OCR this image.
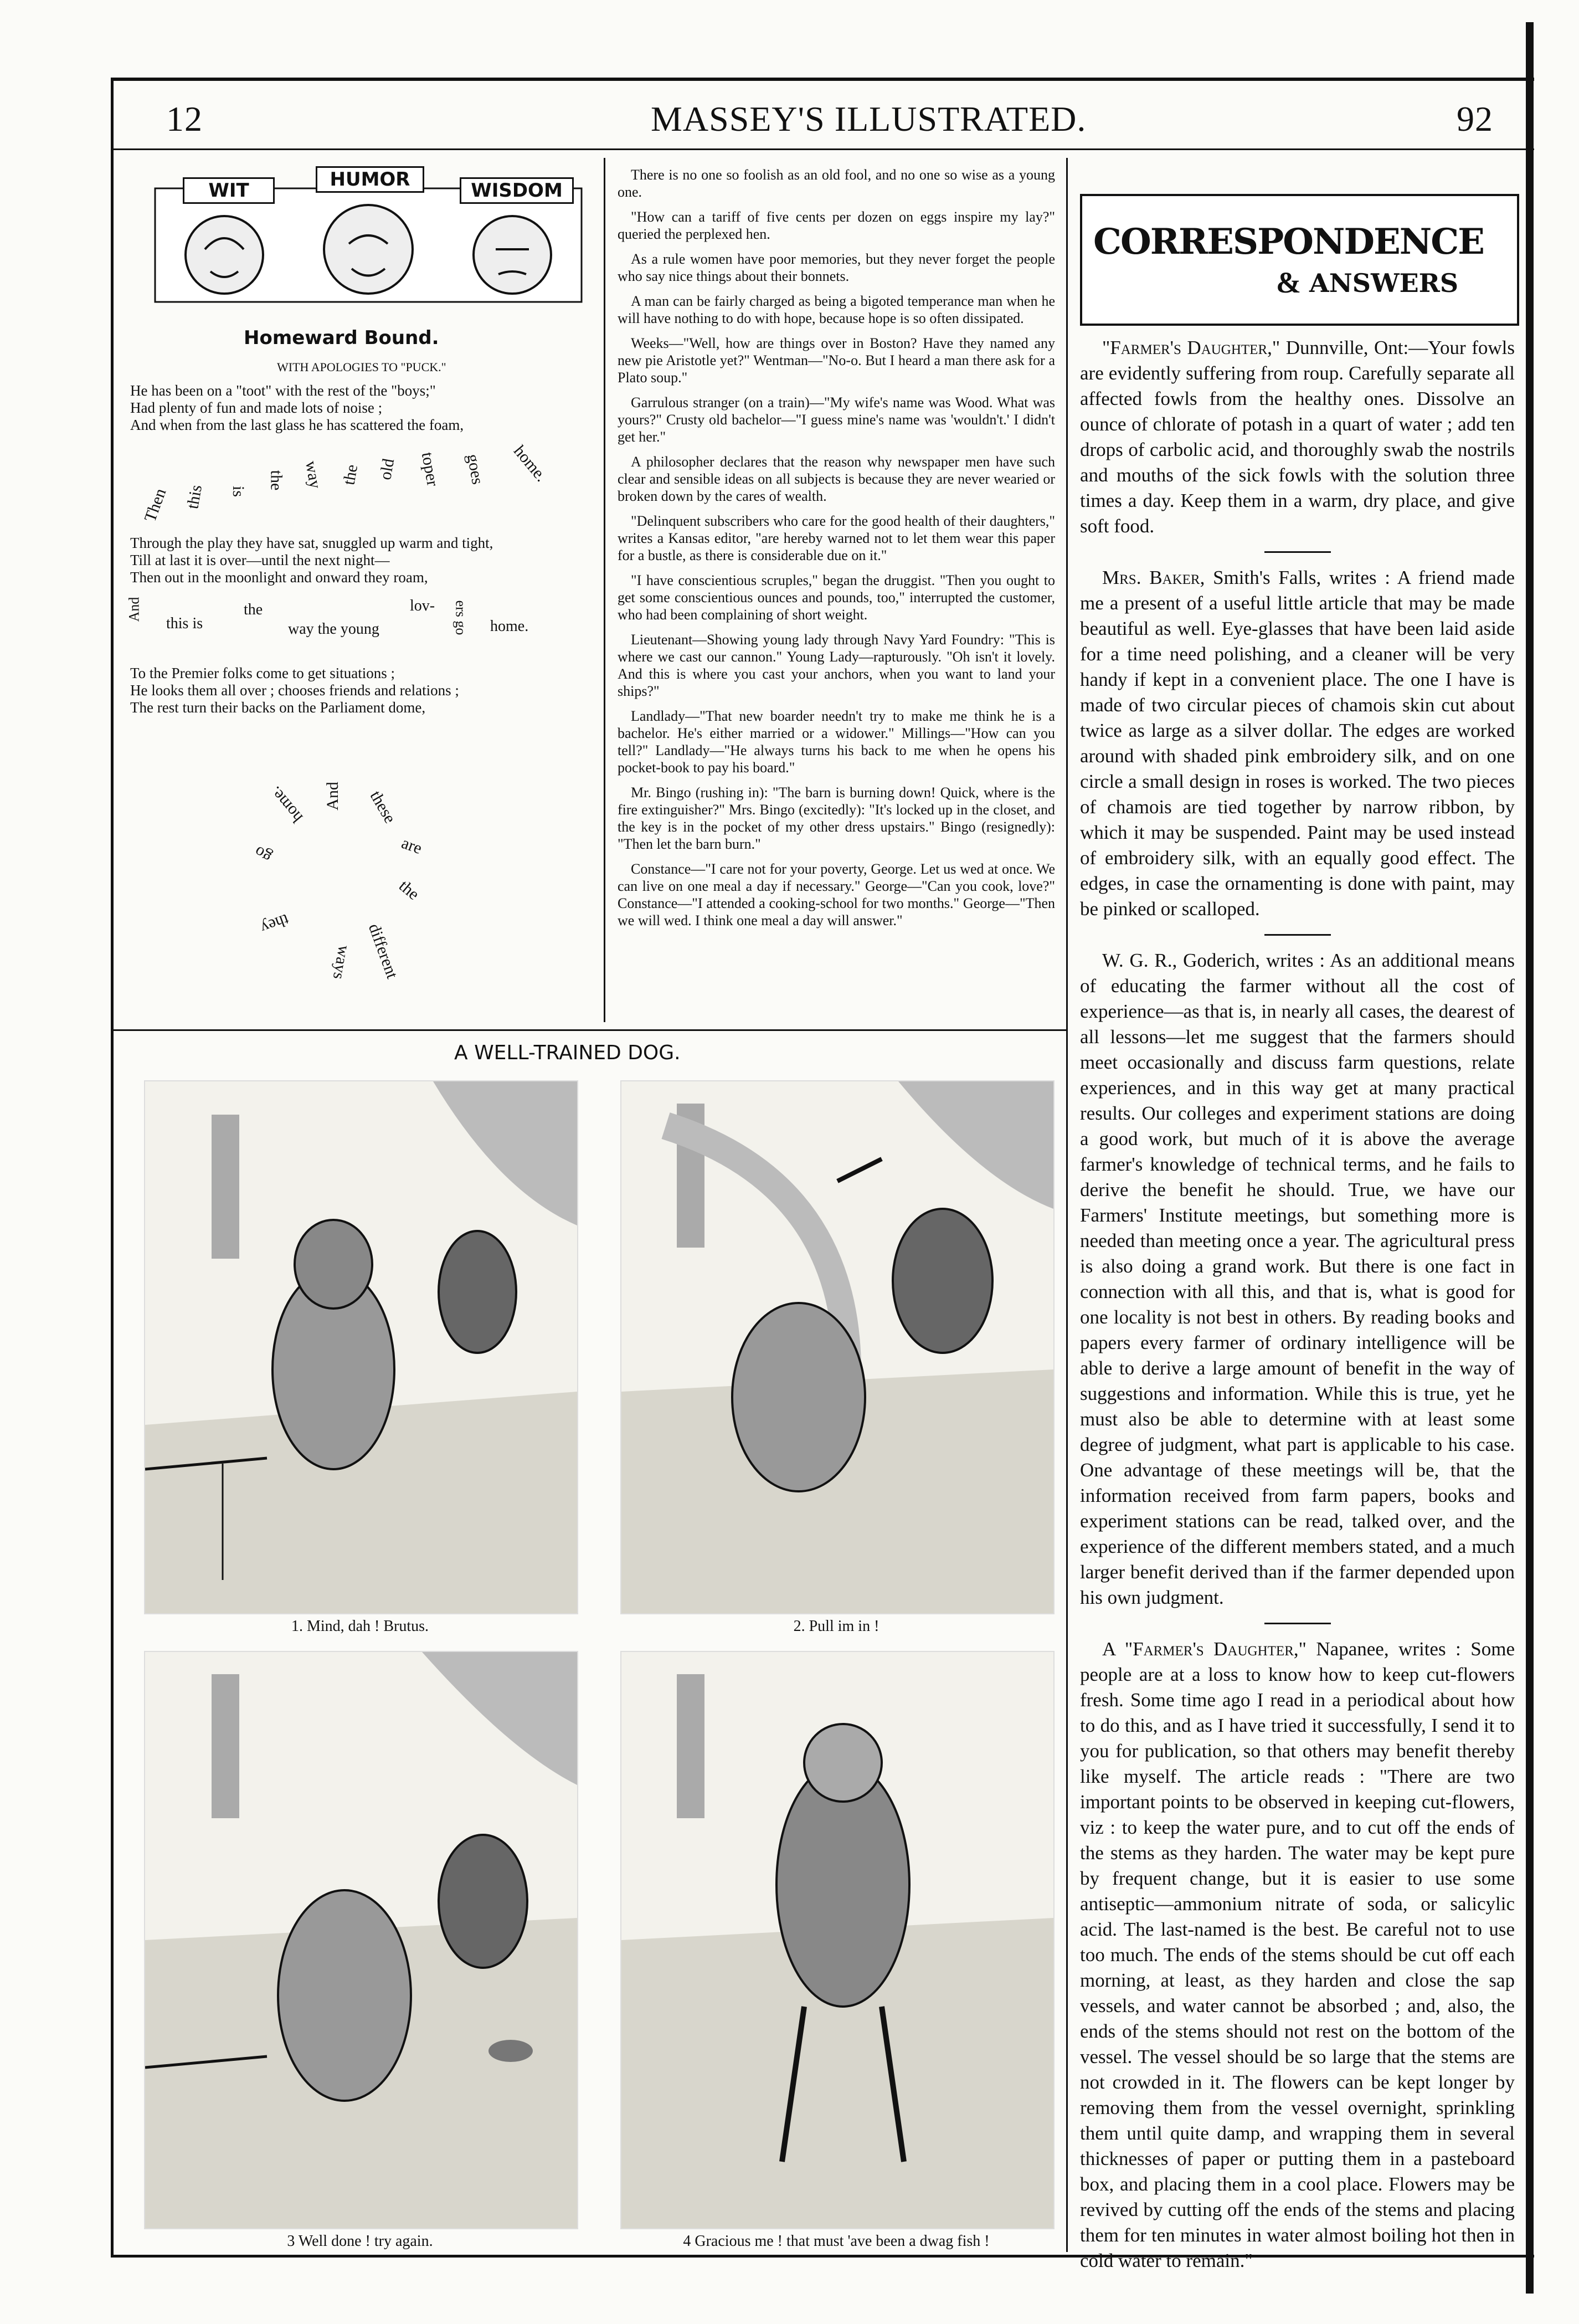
12	MASSEY'S ILLUSTRATED.	92
WIT	HUMOR	WISDOM
Homeward Bound.
WITH APOLOGIES TO "PUCK."
He has been on a "toot" with the rest of the "boys;"
Had plenty of fun and made lots of noise ;
And when from the last glass he has scattered the foam,
Then this is
the way the old toper goes home.
Through the play they have sat, snuggled up warm and tight,
Till at last it is over—until the next night—
Then out in the moonlight and onward they roam,
And
this is
the
way the young
lov- ers go home.
To the Premier folks come to get situations ;
He looks them all over ; chooses friends and relations ;
The rest turn their backs on the Parliament dome,
And these
are
the
different
ways
they
go
home.

There is no one so foolish as an old fool, and no one so wise as a young one.

"How can a tariff of five cents per dozen on eggs inspire my lay?" queried the perplexed hen.

As a rule women have poor memories, but they never forget the people who say nice things about their bonnets.

A man can be fairly charged as being a bigoted temperance man when he will have nothing to do with hope, because hope is so often dissipated.

Weeks—"Well, how are things over in Boston? Have they named any new pie Aristotle yet?" Wentman—"No-o. But I heard a man there ask for a Plato soup."

Garrulous stranger (on a train)—"My wife's name was Wood. What was yours?" Crusty old bachelor—"I guess mine's name was 'wouldn't.' I didn't get her."

A philosopher declares that the reason why newspaper men have such clear and sensible ideas on all subjects is because they are never wearied or broken down by the cares of wealth.

"Delinquent subscribers who care for the good health of their daughters," writes a Kansas editor, "are hereby warned not to let them wear this paper for a bustle, as there is considerable due on it."

"I have conscientious scruples," began the druggist. "Then you ought to get some conscientious ounces and pounds, too," interrupted the customer, who had been complaining of short weight.

Lieutenant—Showing young lady through Navy Yard Foundry: "This is where we cast our cannon." Young Lady—rapturously. "Oh isn't it lovely. And this is where you cast your anchors, when you want to land your ships?"

Landlady—"That new boarder needn't try to make me think he is a bachelor. He's either married or a widower." Millings—"How can you tell?" Landlady—"He always turns his back to me when he opens his pocket-book to pay his board."

Mr. Bingo (rushing in): "The barn is burning down! Quick, where is the fire extinguisher?" Mrs. Bingo (excitedly): "It's locked up in the closet, and the key is in the pocket of my other dress upstairs." Bingo (resignedly): "Then let the barn burn."

Constance—"I care not for your poverty, George. Let us wed at once. We can live on one meal a day if necessary." George—"Can you cook, love?" Constance—"I attended a cooking-school for two months." George—"Then we will wed. I think one meal a day will answer."

A WELL-TRAINED DOG.
1. Mind, dah ! Brutus.	2. Pull im in !
3 Well done ! try again.	4 Gracious me ! that must 'ave been a dwag fish !
CORRESPONDENCE
& ANSWERS

"Farmer's Daughter," Dunnville, Ont:—Your fowls are evidently suffering from roup. Carefully separate all affected fowls from the healthy ones. Dissolve an ounce of chlorate of potash in a quart of water ; add ten drops of carbolic acid, and thoroughly swab the nostrils and mouths of the sick fowls with the solution three times a day. Keep them in a warm, dry place, and give soft food.

Mrs. Baker, Smith's Falls, writes : A friend made me a present of a useful little article that may be made beautiful as well. Eye-glasses that have been laid aside for a time need polishing, and a cleaner will be very handy if kept in a convenient place. The one I have is made of two circular pieces of chamois skin cut about twice as large as a silver dollar. The edges are worked around with shaded pink embroidery silk, and on one circle a small design in roses is worked. The two pieces of chamois are tied together by narrow ribbon, by which it may be suspended. Paint may be used instead of embroidery silk, with an equally good effect. The edges, in case the ornamenting is done with paint, may be pinked or scalloped.

W. G. R., Goderich, writes : As an additional means of educating the farmer without all the cost of experience—as that is, in nearly all cases, the dearest of all lessons—let me suggest that the farmers should meet occasionally and discuss farm questions, relate experiences, and in this way get at many practical results. Our colleges and experiment stations are doing a good work, but much of it is above the average farmer's knowledge of technical terms, and he fails to derive the benefit he should. True, we have our Farmers' Institute meetings, but something more is needed than meeting once a year. The agricultural press is also doing a grand work. But there is one fact in connection with all this, and that is, what is good for one locality is not best in others. By reading books and papers every farmer of ordinary intelligence will be able to derive a large amount of benefit in the way of suggestions and information. While this is true, yet he must also be able to determine with at least some degree of judgment, what part is applicable to his case. One advantage of these meetings will be, that the information received from farm papers, books and experiment stations can be read, talked over, and the experience of the different members stated, and a much larger benefit derived than if the farmer depended upon his own judgment.

A "Farmer's Daughter," Napanee, writes : Some people are at a loss to know how to keep cut-flowers fresh. Some time ago I read in a periodical about how to do this, and as I have tried it successfully, I send it to you for publication, so that others may benefit thereby like myself. The article reads : "There are two important points to be observed in keeping cut-flowers, viz : to keep the water pure, and to cut off the ends of the stems as they harden. The water may be kept pure by frequent change, but it is easier to use some antiseptic—ammonium nitrate of soda, or salicylic acid. The last-named is the best. Be careful not to use too much. The ends of the stems should be cut off each morning, at least, as they harden and close the sap vessels, and water cannot be absorbed ; and, also, the ends of the stems should not rest on the bottom of the vessel. The vessel should be so large that the stems are not crowded in it. The flowers can be kept longer by removing them from the vessel overnight, sprinkling them until quite damp, and wrapping them in several thicknesses of paper or putting them in a pasteboard box, and placing them in a cool place. Flowers may be revived by cutting off the ends of the stems and placing them for ten minutes in water almost boiling hot then in cold water to remain."
